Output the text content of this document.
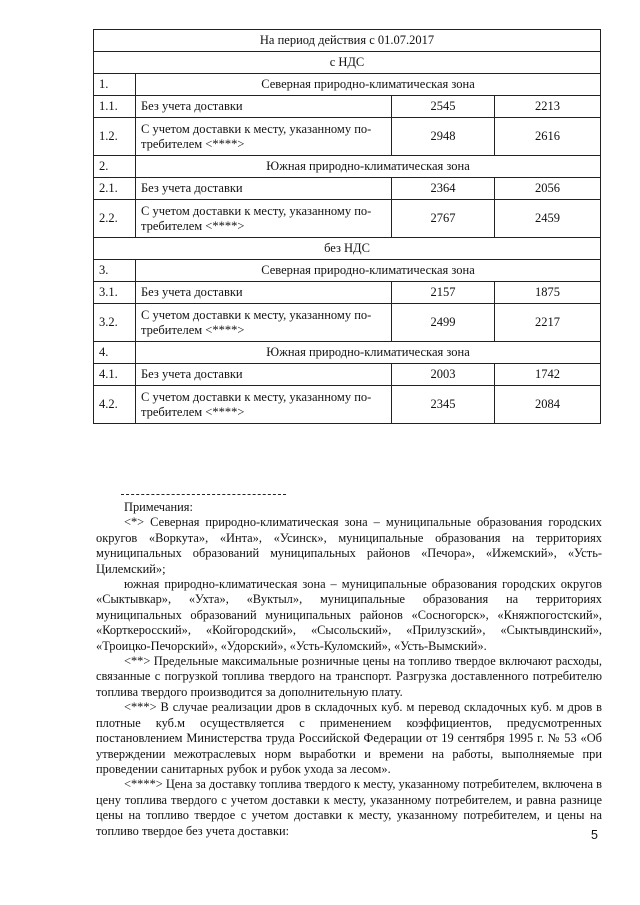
На период действия с 01.07.2017			
с НДС			
1.	Северная природно-климатическая зона		
1.1.	Без учета доставки	2545	2213
1.2.	С учетом доставки к месту, указанному по-
требителем <****>	2948	2616
2.	Южная природно-климатическая зона		
2.1.	Без учета доставки	2364	2056
2.2.	С учетом доставки к месту, указанному по-
требителем <****>	2767	2459
без НДС			
3.	Северная природно-климатическая зона		
3.1.	Без учета доставки	2157	1875
3.2.	С учетом доставки к месту, указанному по-
требителем <****>	2499	2217
4.	Южная природно-климатическая зона		
4.1.	Без учета доставки	2003	1742
4.2.	С учетом доставки к месту, указанному по-
требителем <****>	2345	2084

Примечания:

<*> Северная природно-климатическая зона – муниципальные образования городских округов «Воркута», «Инта», «Усинск», муниципальные образования на территориях муниципальных образований муниципальных районов «Печора», «Ижемский», «Усть-Цилемский»;

южная природно-климатическая зона – муниципальные образования городских округов «Сыктывкар», «Ухта», «Вуктыл», муниципальные образования на территориях муниципальных образований муниципальных районов «Сосногорск», «Княжпогостский», «Корткеросский», «Койгородский», «Сысольский», «Прилузский», «Сыктывдинский», «Троицко-Печорский», «Удорский», «Усть-Куломский», «Усть-Вымский».

<**> Предельные максимальные розничные цены на топливо твердое включают расходы, связанные с погрузкой топлива твердого на транспорт. Разгрузка доставленного потребителю топлива твердого производится за дополнительную плату.

<***> В случае реализации дров в складочных куб. м перевод складочных куб. м дров в плотные куб.м осуществляется с применением коэффициентов, предусмотренных постановлением Министерства труда Российской Федерации от 19 сентября 1995 г. № 53 «Об утверждении межотраслевых норм выработки и времени на работы, выполняемые при проведении санитарных рубок и рубок ухода за лесом».

<****> Цена за доставку топлива твердого к месту, указанному потребителем, включена в цену топлива твердого с учетом доставки к месту, указанному потребителем, и равна разнице цены на топливо твердое с учетом доставки к месту, указанному потребителем, и цены на топливо твердое без учета доставки:	5
